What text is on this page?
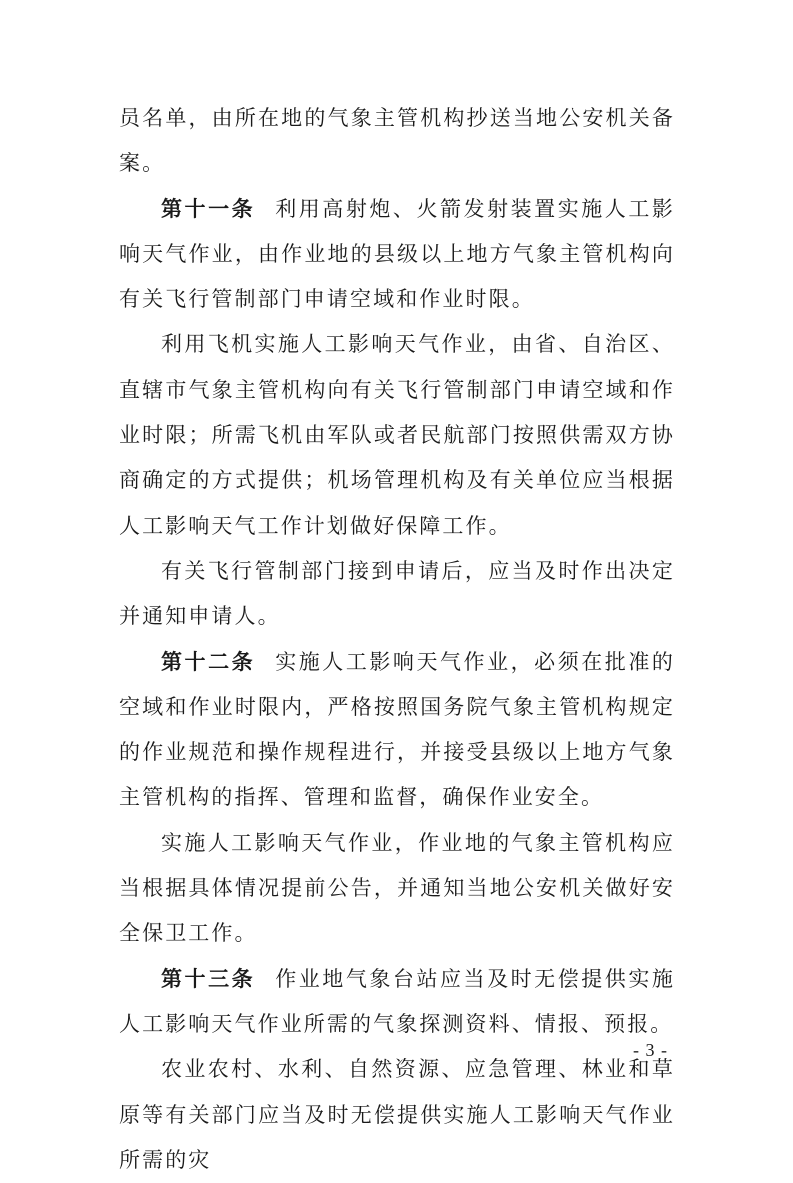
员名单，由所在地的气象主管机构抄送当地公安机关备案。

第十一条 利用高射炮、火箭发射装置实施人工影响天气作业，由作业地的县级以上地方气象主管机构向有关飞行管制部门申请空域和作业时限。

利用飞机实施人工影响天气作业，由省、自治区、直辖市气象主管机构向有关飞行管制部门申请空域和作业时限；所需飞机由军队或者民航部门按照供需双方协商确定的方式提供；机场管理机构及有关单位应当根据人工影响天气工作计划做好保障工作。

有关飞行管制部门接到申请后，应当及时作出决定并通知申请人。

第十二条 实施人工影响天气作业，必须在批准的空域和作业时限内，严格按照国务院气象主管机构规定的作业规范和操作规程进行，并接受县级以上地方气象主管机构的指挥、管理和监督，确保作业安全。

实施人工影响天气作业，作业地的气象主管机构应当根据具体情况提前公告，并通知当地公安机关做好安全保卫工作。

第十三条 作业地气象台站应当及时无偿提供实施人工影响天气作业所需的气象探测资料、情报、预报。

农业农村、水利、自然资源、应急管理、林业和草原等有关部门应当及时无偿提供实施人工影响天气作业所需的灾

- 3 -
